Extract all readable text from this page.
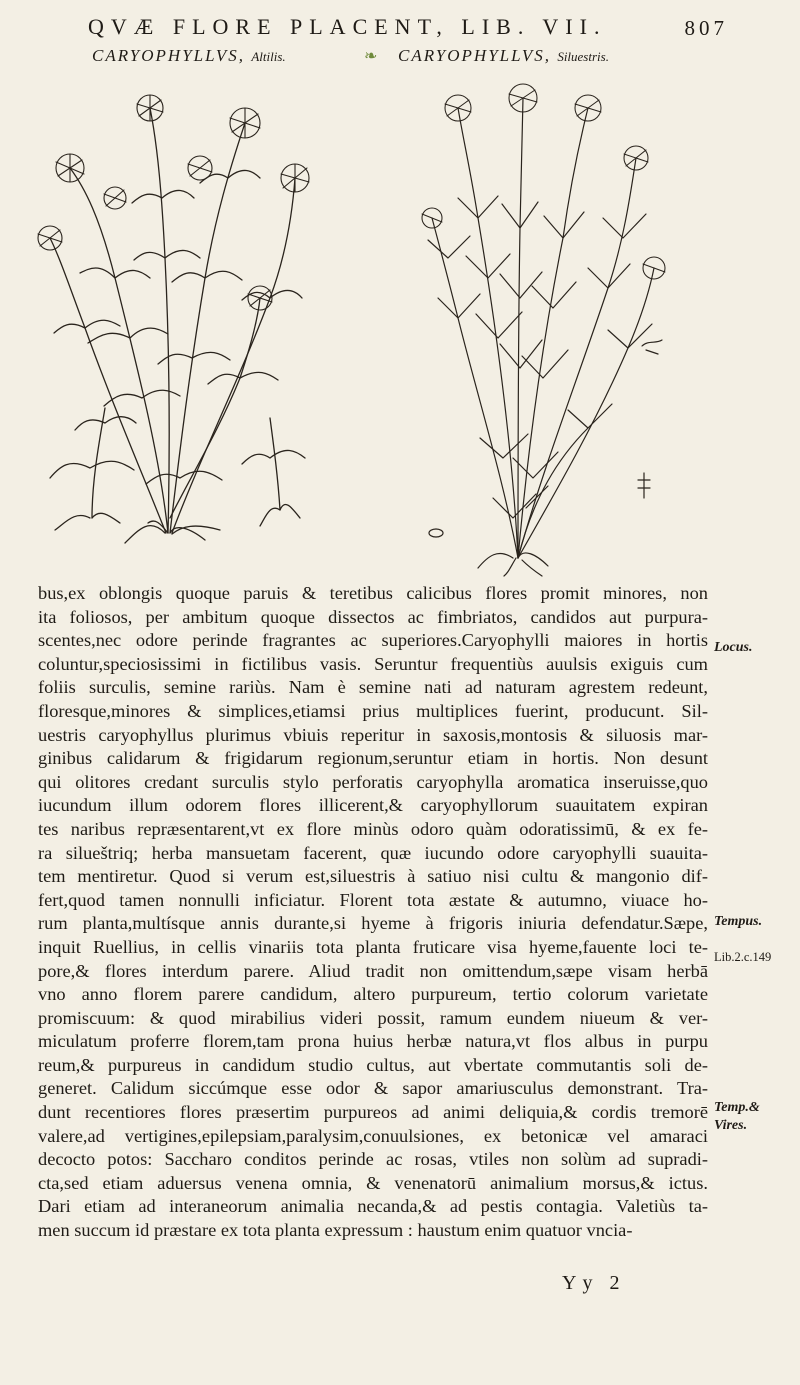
QVÆ FLORE PLACENT, LIB. VII.	807
CARYOPHYLLVS, Altilis.	❧ CARYOPHYLLVS, Siluestris.
bus,ex oblongis quoque paruis & teretibus calicibus flores promit minores, non
ita foliosos, per ambitum quoque dissectos ac fimbriatos, candidos aut purpura-
scentes,nec odore perinde fragrantes ac superiores.Caryophylli maiores in hortis
coluntur,speciosissimi in fictilibus vasis. Seruntur frequentiùs auulsis exiguis cum
foliis surculis, semine rariùs. Nam è semine nati ad naturam agrestem redeunt,
floresque,minores & simplices,etiamsi prius multiplices fuerint, producunt. Sil-
uestris caryophyllus plurimus vbiuis reperitur in saxosis,montosis & siluosis mar-
ginibus calidarum & frigidarum regionum,seruntur etiam in hortis. Non desunt
qui olitores credant surculis stylo perforatis caryophylla aromatica inseruisse,quo
iucundum illum odorem flores illicerent,& caryophyllorum suauitatem expiran
tes naribus repræsentarent,vt ex flore minùs odoro quàm odoratissimū, & ex fe-
ra silueštriq; herba mansuetam facerent, quæ iucundo odore caryophylli suauita-
tem mentiretur. Quod si verum est,siluestris à satiuo nisi cultu & mangonio dif-
fert,quod tamen nonnulli inficiatur. Florent tota æstate & autumno, viuace ho-
rum planta,multísque annis durante,si hyeme à frigoris iniuria defendatur.Sæpe,
inquit Ruellius, in cellis vinariis tota planta fruticare visa hyeme,fauente loci te-
pore,& flores interdum parere. Aliud tradit non omittendum,sæpe visam herbā
vno anno florem parere candidum, altero purpureum, tertio colorum varietate
promiscuum: & quod mirabilius videri possit, ramum eundem niueum & ver-
miculatum proferre florem,tam prona huius herbæ natura,vt flos albus in purpu
reum,& purpureus in candidum studio cultus, aut vbertate commutantis soli de-
generet. Calidum siccúmque esse odor & sapor amariusculus demonstrant. Tra-
dunt recentiores flores præsertim purpureos ad animi deliquia,& cordis tremorē
valere,ad vertigines,epilepsiam,paralysim,conuulsiones, ex betonicæ vel amaraci
decocto potos: Saccharo conditos perinde ac rosas, vtiles non solùm ad supradi-
cta,sed etiam aduersus venena omnia, & venenatorū animalium morsus,& ictus.
Dari etiam ad interaneorum animalia necanda,& ad pestis contagia. Valetiùs ta-
men succum id præstare ex tota planta expressum : haustum enim quatuor vncia-
Locus.
Tempus.
Lib.2.c.149
Temp.&
Vires.
Yy 2
